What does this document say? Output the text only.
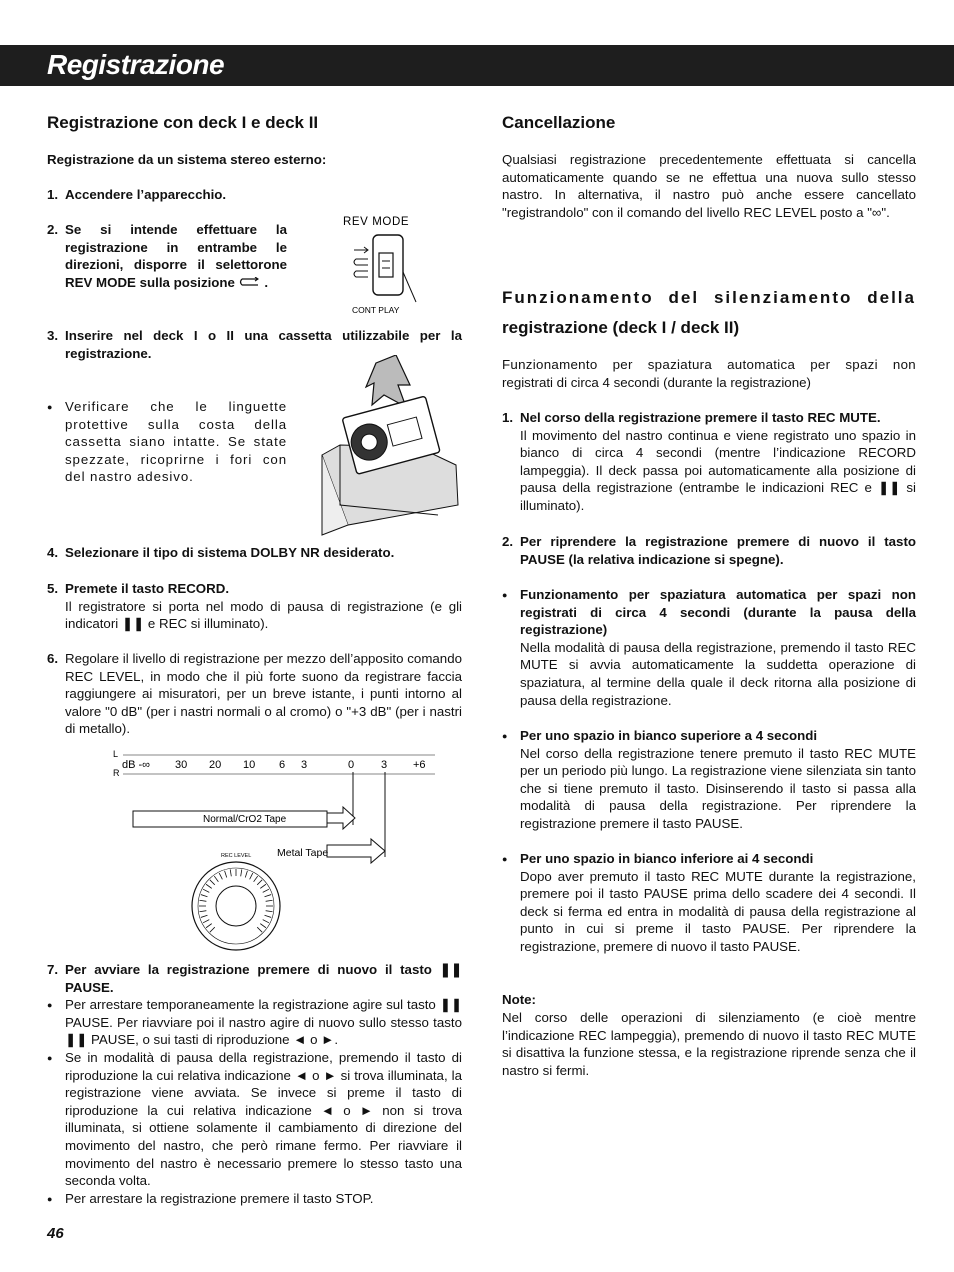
Registrazione
Registrazione con deck I e deck II
Registrazione da un sistema stereo esterno:
1. Accendere l’apparecchio.
2. Se si intende effettuare la registrazione in entrambe le direzioni, disporre il selettorone REV MODE sulla posizione .
REV MODE
CONT PLAY
3. Inserire nel deck I o II una cassetta utilizzabile per la registrazione.
● Verificare che le linguette protettive sulla costa della cassetta siano intatte. Se state spezzate, ricoprirne i fori con del nastro adesivo.
4. Selezionare il tipo di sistema DOLBY NR desiderato.
5. Premete il tasto RECORD.
Il registratore si porta nel modo di pausa di registrazione (e gli indicatori ❚❚ e REC si illuminato).
6. Regolare il livello di registrazione per mezzo dell’apposito comando REC LEVEL, in modo che il più forte suono da registrare faccia raggiungere ai misuratori, per un breve istante, i punti intorno al valore "0 dB" (per i nastri normali o al cromo) o "+3 dB" (per i nastri di metallo).
L
R
dB -∞ 30 20 10 6 3	0 3 +6
Normal/CrO2 Tape
Metal Tape
REC LEVEL
7. Per avviare la registrazione premere di nuovo il tasto ❚❚ PAUSE.
● Per arrestare temporaneamente la registrazione agire sul tasto ❚❚ PAUSE. Per riavviare poi il nastro agire di nuovo sullo stesso tasto ❚❚ PAUSE, o sui tasti di riproduzione ◄ o ►.
● Se in modalità di pausa della registrazione, premendo il tasto di riproduzione la cui relativa indicazione ◄ o ► si trova illuminata, la registrazione viene avviata. Se invece si preme il tasto di riproduzione la cui relativa indicazione ◄ o ► non si trova illuminata, si ottiene solamente il cambiamento di direzione del movimento del nastro, che però rimane fermo. Per riavviare il movimento del nastro è necessario premere lo stesso tasto una seconda volta.
● Per arrestare la registrazione premere il tasto STOP.
Cancellazione
Qualsiasi registrazione precedentemente effettuata si cancella automaticamente quando se ne effettua una nuova sullo stesso nastro. In alternativa, il nastro può anche essere cancellato "registrandolo" con il comando del livello REC LEVEL posto a "∞".
Funzionamento del silenziamento della
registrazione (deck I / deck II)
Funzionamento per spaziatura automatica per spazi non
registrati di circa 4 secondi (durante la registrazione)
1. Nel corso della registrazione premere il tasto REC MUTE.
Il movimento del nastro continua e viene registrato uno spazio in bianco di circa 4 secondi (mentre l’indicazione RECORD lampeggia). Il deck passa poi automaticamente alla posizione di pausa della registrazione (entrambe le indicazioni REC e ❚❚ si illuminato).
2. Per riprendere la registrazione premere di nuovo il tasto PAUSE (la relativa indicazione si spegne).
● Funzionamento per spaziatura automatica per spazi non registrati di circa 4 secondi (durante la pausa della registrazione)
Nella modalità di pausa della registrazione, premendo il tasto REC MUTE si avvia automaticamente la suddetta operazione di spaziatura, al termine della quale il deck ritorna alla posizione di pausa della registrazione.
● Per uno spazio in bianco superiore a 4 secondi
Nel corso della registrazione tenere premuto il tasto REC MUTE per un periodo più lungo. La registrazione viene silenziata sin tanto che si tiene premuto il tasto. Disinserendo il tasto si passa alla modalità di pausa della registrazione. Per riprendere la registrazione premere il tasto PAUSE.
● Per uno spazio in bianco inferiore ai 4 secondi
Dopo aver premuto il tasto REC MUTE durante la registrazione, premere poi il tasto PAUSE prima dello scadere dei 4 secondi. Il deck si ferma ed entra in modalità di pausa della registrazione al punto in cui si preme il tasto PAUSE. Per riprendere la registrazione, premere di nuovo il tasto PAUSE.
Note:
Nel corso delle operazioni di silenziamento (e cioè mentre l’indicazione REC lampeggia), premendo di nuovo il tasto REC MUTE si disattiva la funzione stessa, e la registrazione riprende senza che il nastro si fermi.
46
